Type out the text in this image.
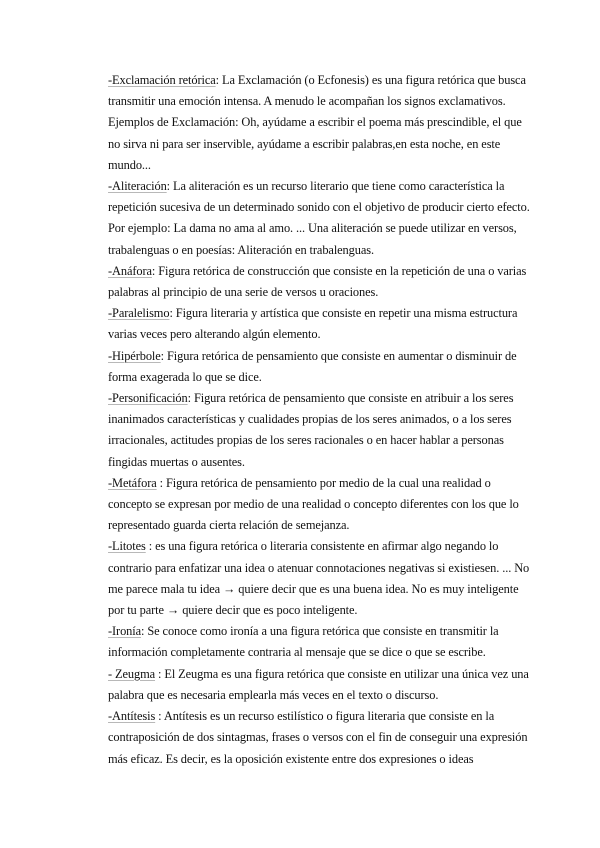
-Exclamación retórica: La Exclamación (o Ecfonesis) es una figura retórica que busca transmitir una emoción intensa. A menudo le acompañan los signos exclamativos. Ejemplos de Exclamación: Oh, ayúdame a escribir el poema más prescindible, el que no sirva ni para ser inservible, ayúdame a escribir palabras,en esta noche, en este mundo...

-Aliteración: La aliteración es un recurso literario que tiene como característica la repetición sucesiva de un determinado sonido con el objetivo de producir cierto efecto. Por ejemplo: La dama no ama al amo. ... Una aliteración se puede utilizar en versos, trabalenguas o en poesías: Aliteración en trabalenguas.

-Anáfora: Figura retórica de construcción que consiste en la repetición de una o varias palabras al principio de una serie de versos u oraciones.

-Paralelismo: Figura literaria y artística que consiste en repetir una misma estructura varias veces pero alterando algún elemento.

-Hipérbole: Figura retórica de pensamiento que consiste en aumentar o disminuir de forma exagerada lo que se dice.

-Personificación: Figura retórica de pensamiento que consiste en atribuir a los seres inanimados características y cualidades propias de los seres animados, o a los seres irracionales, actitudes propias de los seres racionales o en hacer hablar a personas fingidas muertas o ausentes.

-Metáfora : Figura retórica de pensamiento por medio de la cual una realidad o concepto se expresan por medio de una realidad o concepto diferentes con los que lo representado guarda cierta relación de semejanza.

-Litotes : es una figura retórica o literaria consistente en afirmar algo negando lo contrario para enfatizar una idea o atenuar connotaciones negativas si existiesen. ... No me parece mala tu idea → quiere decir que es una buena idea. No es muy inteligente por tu parte → quiere decir que es poco inteligente.

-Ironía: Se conoce como ironía a una figura retórica que consiste en transmitir la información completamente contraria al mensaje que se dice o que se escribe.

- Zeugma : El Zeugma es una figura retórica que consiste en utilizar una única vez una palabra que es necesaria emplearla más veces en el texto o discurso.

-Antítesis : Antítesis es un recurso estilístico o figura literaria que consiste en la contraposición de dos sintagmas, frases o versos con el fin de conseguir una expresión más eficaz. Es decir, es la oposición existente entre dos expresiones o ideas
